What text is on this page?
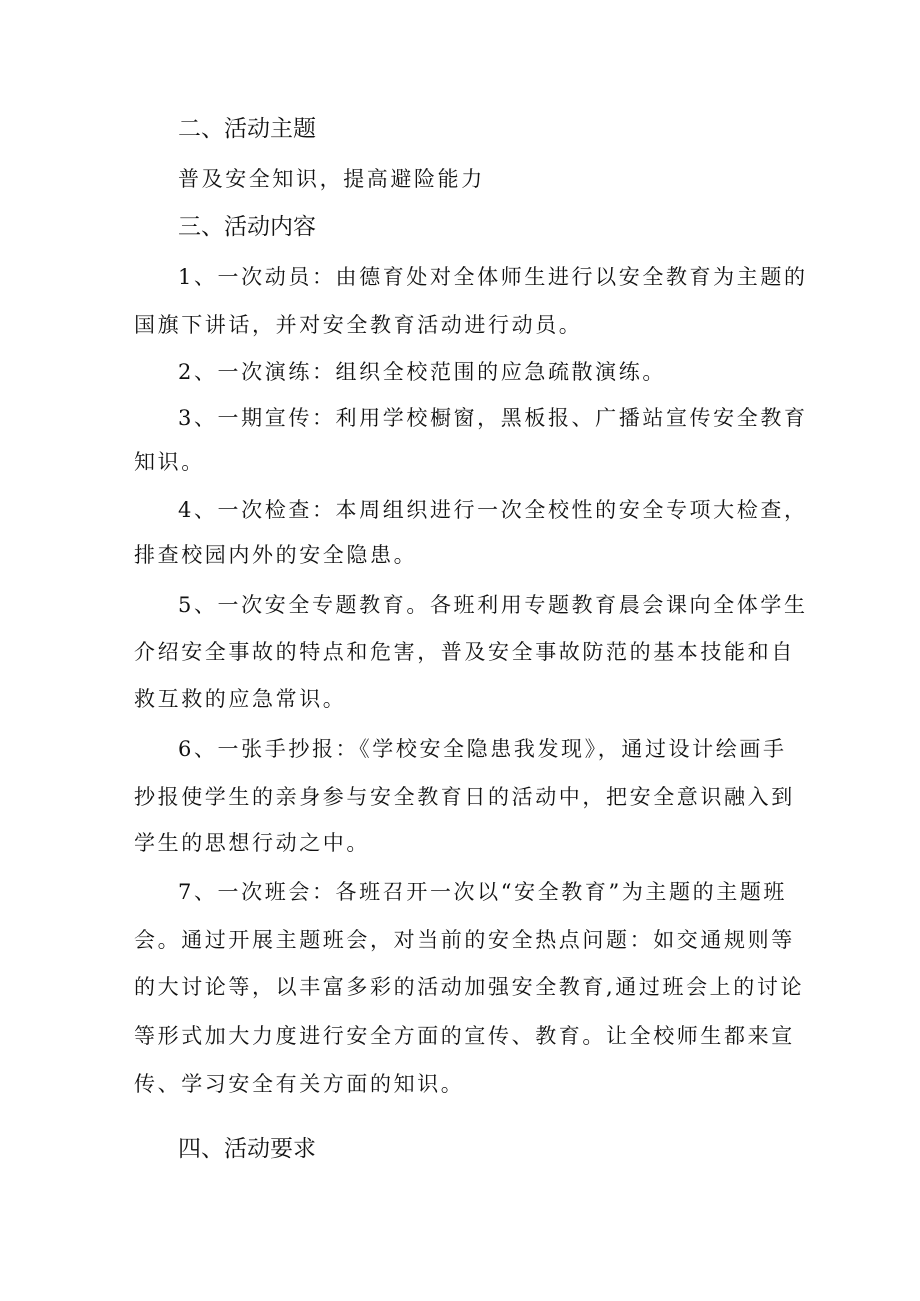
二、活动主题
普及安全知识，提高避险能力
三、活动内容
1、一次动员：由德育处对全体师生进行以安全教育为主题的
国旗下讲话，并对安全教育活动进行动员。
2、一次演练：组织全校范围的应急疏散演练。
3、一期宣传：利用学校橱窗，黑板报、广播站宣传安全教育
知识。
4、一次检查：本周组织进行一次全校性的安全专项大检查，
排查校园内外的安全隐患。
5、一次安全专题教育。各班利用专题教育晨会课向全体学生
介绍安全事故的特点和危害，普及安全事故防范的基本技能和自
救互救的应急常识。
6、一张手抄报：《学校安全隐患我发现》，通过设计绘画手
抄报使学生的亲身参与安全教育日的活动中，把安全意识融入到
学生的思想行动之中。
7、一次班会：各班召开一次以“安全教育”为主题的主题班
会。通过开展主题班会，对当前的安全热点问题：如交通规则等
的大讨论等，以丰富多彩的活动加强安全教育,通过班会上的讨论
等形式加大力度进行安全方面的宣传、教育。让全校师生都来宣
传、学习安全有关方面的知识。
四、活动要求
